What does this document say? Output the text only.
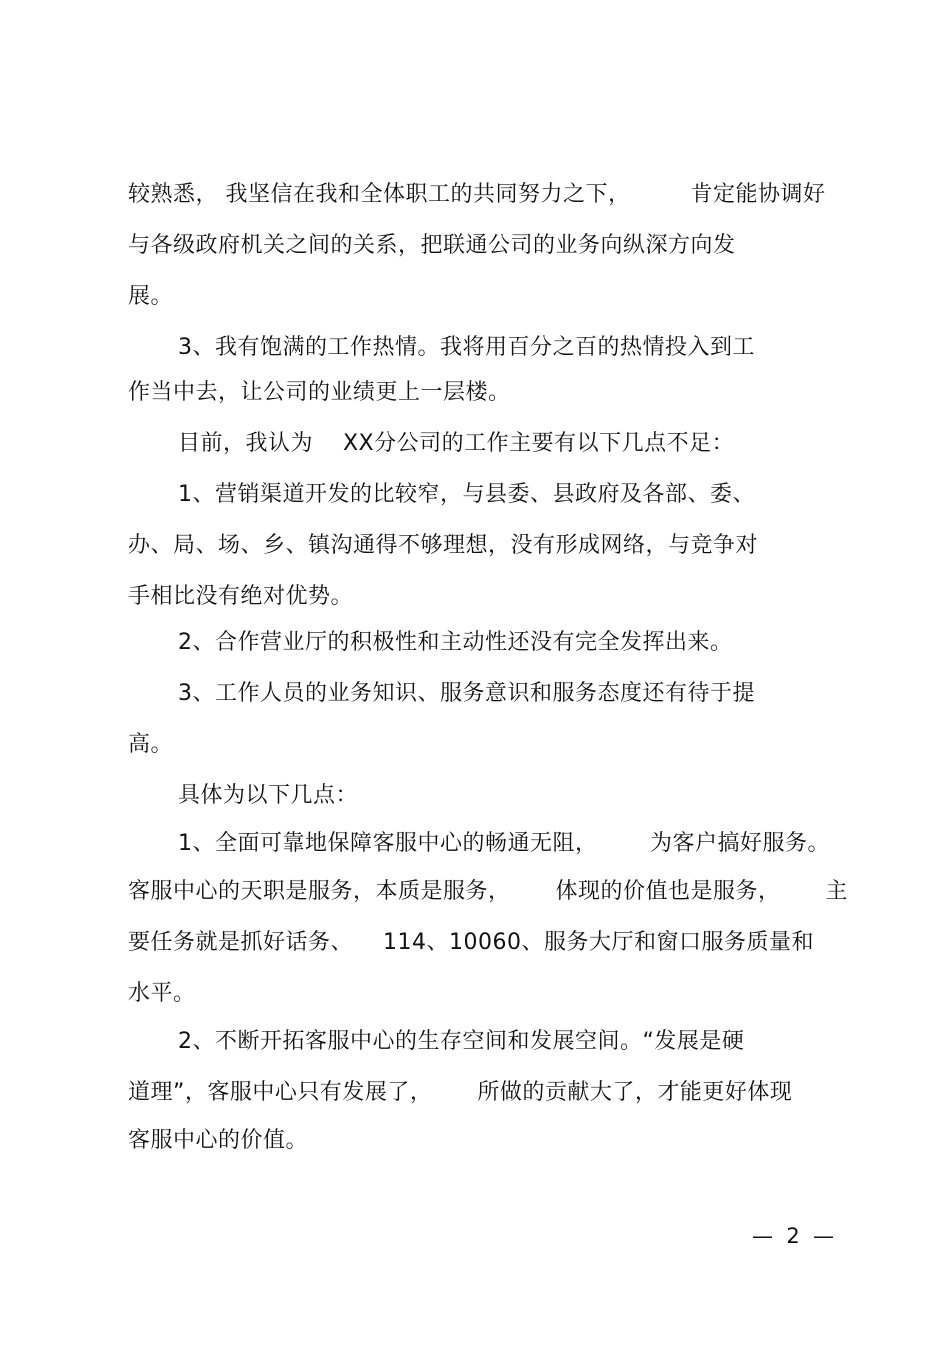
较熟悉， 我坚信在我和全体职工的共同努力之下，        肯定能协调好
与各级政府机关之间的关系，把联通公司的业务向纵深方向发
展。
3、我有饱满的工作热情。我将用百分之百的热情投入到工
作当中去，让公司的业绩更上一层楼。
目前，我认为    XX分公司的工作主要有以下几点不足：
1、营销渠道开发的比较窄，与县委、县政府及各部、委、
办、局、场、乡、镇沟通得不够理想，没有形成网络，与竞争对
手相比没有绝对优势。
2、合作营业厅的积极性和主动性还没有完全发挥出来。
3、工作人员的业务知识、服务意识和服务态度还有待于提
高。
具体为以下几点：
1、全面可靠地保障客服中心的畅通无阻，       为客户搞好服务。
客服中心的天职是服务，本质是服务，      体现的价值也是服务，      主
要任务就是抓好话务、    114、10060、服务大厅和窗口服务质量和
水平。
2、不断开拓客服中心的生存空间和发展空间。“发展是硬
道理”，客服中心只有发展了，      所做的贡献大了，才能更好体现
客服中心的价值。
—  2  —
